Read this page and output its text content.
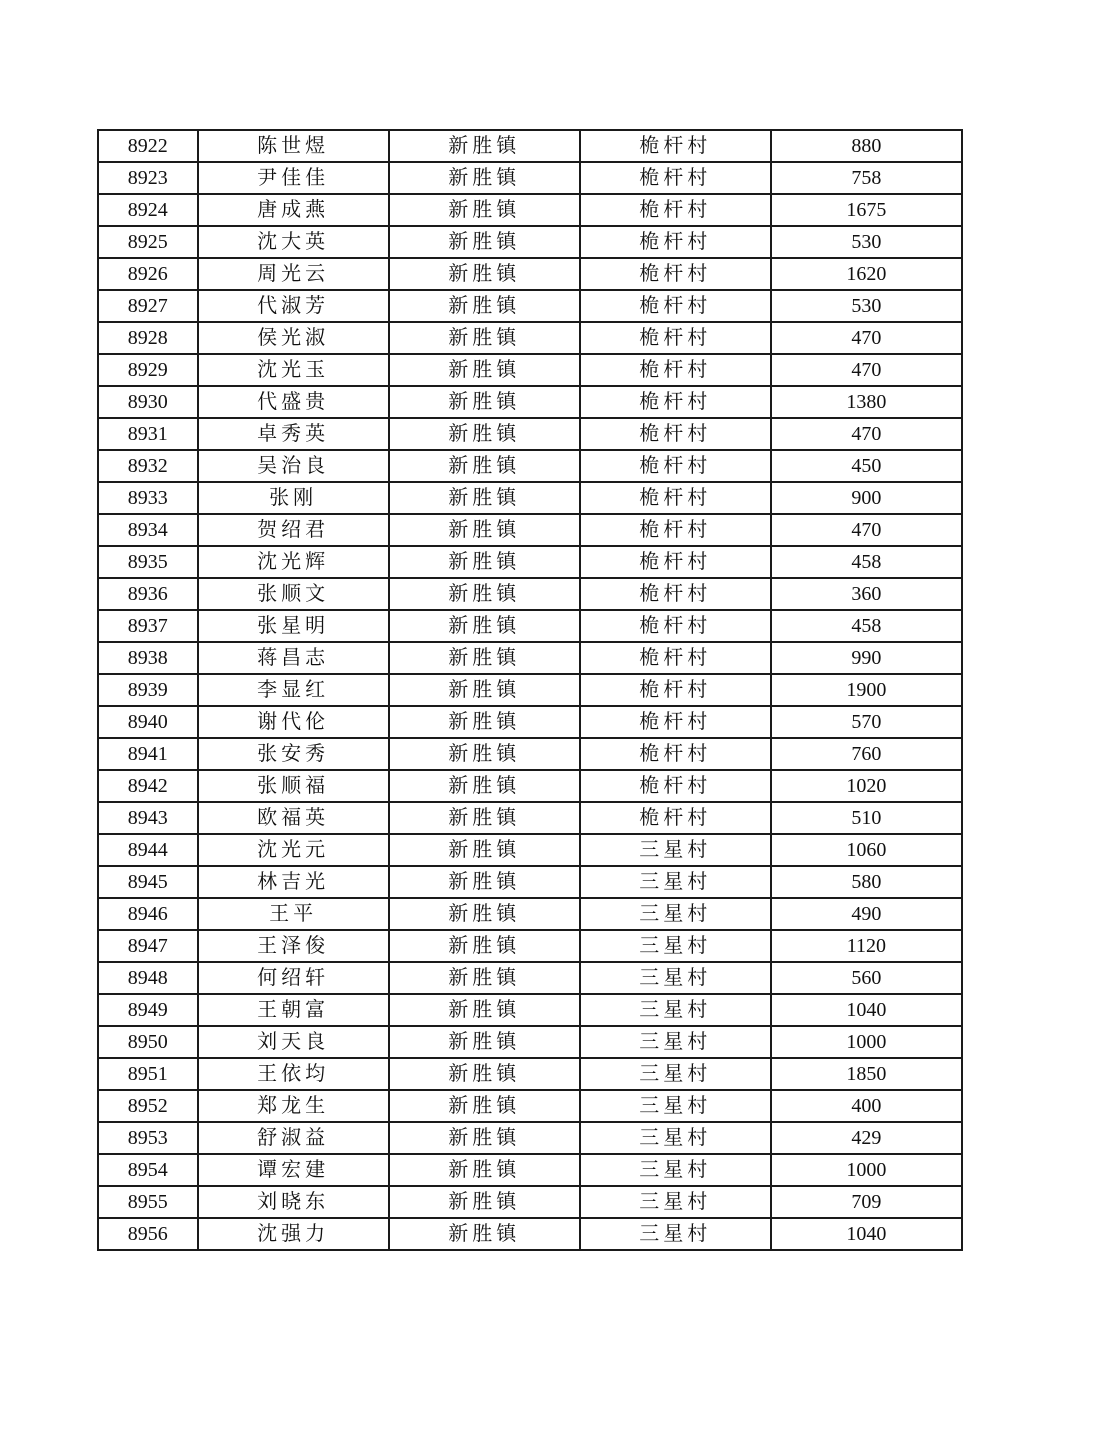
8922	陈世煜	新胜镇	桅杆村	880
8923	尹佳佳	新胜镇	桅杆村	758
8924	唐成燕	新胜镇	桅杆村	1675
8925	沈大英	新胜镇	桅杆村	530
8926	周光云	新胜镇	桅杆村	1620
8927	代淑芳	新胜镇	桅杆村	530
8928	侯光淑	新胜镇	桅杆村	470
8929	沈光玉	新胜镇	桅杆村	470
8930	代盛贵	新胜镇	桅杆村	1380
8931	卓秀英	新胜镇	桅杆村	470
8932	吴治良	新胜镇	桅杆村	450
8933	张刚	新胜镇	桅杆村	900
8934	贺绍君	新胜镇	桅杆村	470
8935	沈光辉	新胜镇	桅杆村	458
8936	张顺文	新胜镇	桅杆村	360
8937	张星明	新胜镇	桅杆村	458
8938	蒋昌志	新胜镇	桅杆村	990
8939	李显红	新胜镇	桅杆村	1900
8940	谢代伦	新胜镇	桅杆村	570
8941	张安秀	新胜镇	桅杆村	760
8942	张顺福	新胜镇	桅杆村	1020
8943	欧福英	新胜镇	桅杆村	510
8944	沈光元	新胜镇	三星村	1060
8945	林吉光	新胜镇	三星村	580
8946	王平	新胜镇	三星村	490
8947	王泽俊	新胜镇	三星村	1120
8948	何绍轩	新胜镇	三星村	560
8949	王朝富	新胜镇	三星村	1040
8950	刘天良	新胜镇	三星村	1000
8951	王依均	新胜镇	三星村	1850
8952	郑龙生	新胜镇	三星村	400
8953	舒淑益	新胜镇	三星村	429
8954	谭宏建	新胜镇	三星村	1000
8955	刘晓东	新胜镇	三星村	709
8956	沈强力	新胜镇	三星村	1040
